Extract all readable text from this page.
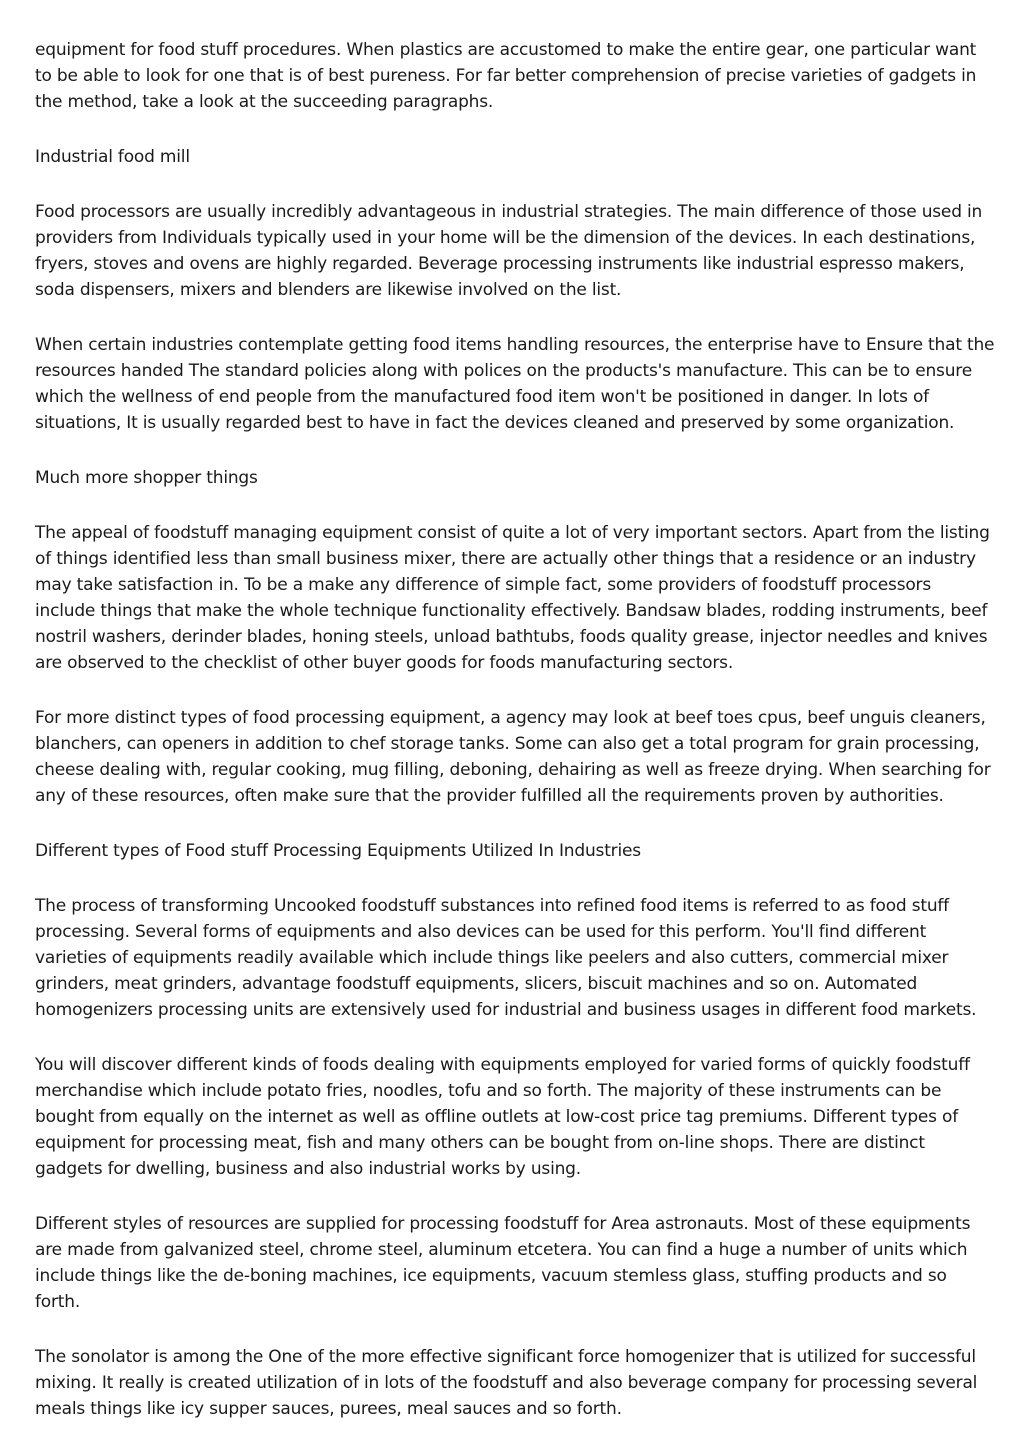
equipment for food stuff procedures. When plastics are accustomed to make the entire gear, one particular want to be able to look for one that is of best pureness. For far better comprehension of precise varieties of gadgets in the method, take a look at the succeeding paragraphs.

Industrial food mill

Food processors are usually incredibly advantageous in industrial strategies. The main difference of those used in providers from Individuals typically used in your home will be the dimension of the devices. In each destinations, fryers, stoves and ovens are highly regarded. Beverage processing instruments like industrial espresso makers, soda dispensers, mixers and blenders are likewise involved on the list.

When certain industries contemplate getting food items handling resources, the enterprise have to Ensure that the resources handed The standard policies along with polices on the products's manufacture. This can be to ensure which the wellness of end people from the manufactured food item won't be positioned in danger. In lots of situations, It is usually regarded best to have in fact the devices cleaned and preserved by some organization.

Much more shopper things

The appeal of foodstuff managing equipment consist of quite a lot of very important sectors. Apart from the listing of things identified less than small business mixer, there are actually other things that a residence or an industry may take satisfaction in. To be a make any difference of simple fact, some providers of foodstuff processors include things that make the whole technique functionality effectively. Bandsaw blades, rodding instruments, beef nostril washers, derinder blades, honing steels, unload bathtubs, foods quality grease, injector needles and knives are observed to the checklist of other buyer goods for foods manufacturing sectors.

For more distinct types of food processing equipment, a agency may look at beef toes cpus, beef unguis cleaners, blanchers, can openers in addition to chef storage tanks. Some can also get a total program for grain processing, cheese dealing with, regular cooking, mug filling, deboning, dehairing as well as freeze drying. When searching for any of these resources, often make sure that the provider fulfilled all the requirements proven by authorities.

Different types of Food stuff Processing Equipments Utilized In Industries

The process of transforming Uncooked foodstuff substances into refined food items is referred to as food stuff processing. Several forms of equipments and also devices can be used for this perform. You'll find different varieties of equipments readily available which include things like peelers and also cutters, commercial mixer grinders, meat grinders, advantage foodstuff equipments, slicers, biscuit machines and so on. Automated homogenizers processing units are extensively used for industrial and business usages in different food markets.

You will discover different kinds of foods dealing with equipments employed for varied forms of quickly foodstuff merchandise which include potato fries, noodles, tofu and so forth. The majority of these instruments can be bought from equally on the internet as well as offline outlets at low-cost price tag premiums. Different types of equipment for processing meat, fish and many others can be bought from on-line shops. There are distinct gadgets for dwelling, business and also industrial works by using.

Different styles of resources are supplied for processing foodstuff for Area astronauts. Most of these equipments are made from galvanized steel, chrome steel, aluminum etcetera. You can find a huge a number of units which include things like the de-boning machines, ice equipments, vacuum stemless glass, stuffing products and so forth.

The sonolator is among the One of the more effective significant force homogenizer that is utilized for successful mixing. It really is created utilization of in lots of the foodstuff and also beverage company for processing several meals things like icy supper sauces, purees, meal sauces and so forth.
